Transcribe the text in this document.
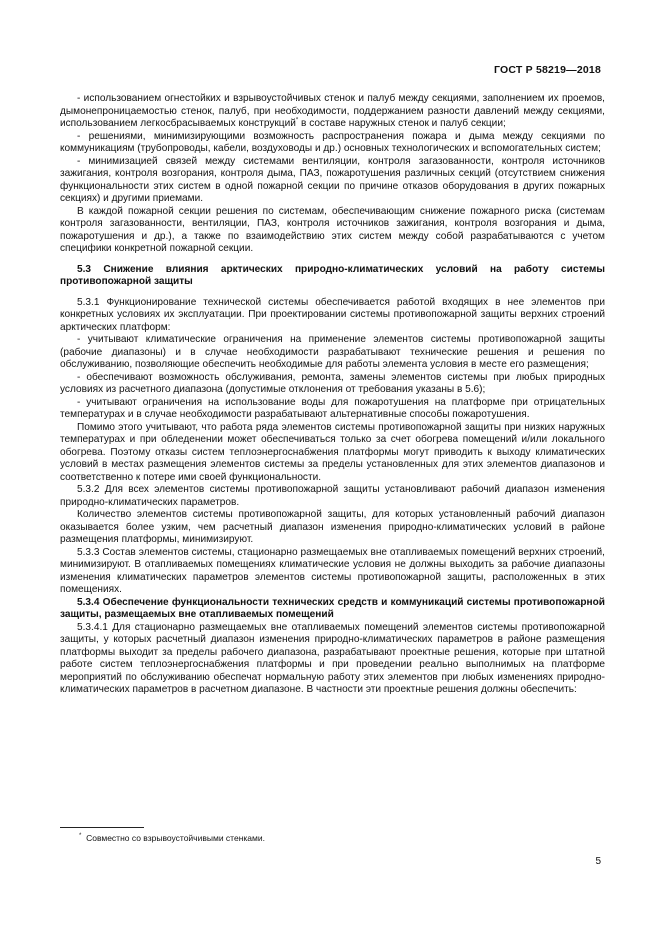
ГОСТ Р 58219—2018

- использованием огнестойких и взрывоустойчивых стенок и палуб между секциями, заполнением их проемов, дымонепроницаемостью стенок, палуб, при необходимости, поддержанием разности давлений между секциями, использованием легкосбрасываемых конструкций* в составе наружных стенок и палуб секции;

- решениями, минимизирующими возможность распространения пожара и дыма между секциями по коммуникациям (трубопроводы, кабели, воздуховоды и др.) основных технологических и вспомогательных систем;

- минимизацией связей между системами вентиляции, контроля загазованности, контроля источников зажигания, контроля возгорания, контроля дыма, ПАЗ, пожаротушения различных секций (отсутствием снижения функциональности этих систем в одной пожарной секции по причине отказов оборудования в других пожарных секциях) и другими приемами.

В каждой пожарной секции решения по системам, обеспечивающим снижение пожарного риска (системам контроля загазованности, вентиляции, ПАЗ, контроля источников зажигания, контроля возгорания и дыма, пожаротушения и др.), а также по взаимодействию этих систем между собой разрабатываются с учетом специфики конкретной пожарной секции.

5.3 Снижение влияния арктических природно-климатических условий на работу системы противопожарной защиты

5.3.1 Функционирование технической системы обеспечивается работой входящих в нее элементов при конкретных условиях их эксплуатации. При проектировании системы противопожарной защиты верхних строений арктических платформ:

- учитывают климатические ограничения на применение элементов системы противопожарной защиты (рабочие диапазоны) и в случае необходимости разрабатывают технические решения и решения по обслуживанию, позволяющие обеспечить необходимые для работы элемента условия в месте его размещения;

- обеспечивают возможность обслуживания, ремонта, замены элементов системы при любых природных условиях из расчетного диапазона (допустимые отклонения от требования указаны в 5.6);

- учитывают ограничения на использование воды для пожаротушения на платформе при отрицательных температурах и в случае необходимости разрабатывают альтернативные способы пожаротушения.

Помимо этого учитывают, что работа ряда элементов системы противопожарной защиты при низких наружных температурах и при обледенении может обеспечиваться только за счет обогрева помещений и/или локального обогрева. Поэтому отказы систем теплоэнергоснабжения платформы могут приводить к выходу климатических условий в местах размещения элементов системы за пределы установленных для этих элементов диапазонов и соответственно к потере ими своей функциональности.

5.3.2 Для всех элементов системы противопожарной защиты установливают рабочий диапазон изменения природно-климатических параметров.

Количество элементов системы противопожарной защиты, для которых установленный рабочий диапазон оказывается более узким, чем расчетный диапазон изменения природно-климатических условий в районе размещения платформы, минимизируют.

5.3.3 Состав элементов системы, стационарно размещаемых вне отапливаемых помещений верхних строений, минимизируют. В отапливаемых помещениях климатические условия не должны выходить за рабочие диапазоны изменения климатических параметров элементов системы противопожарной защиты, расположенных в этих помещениях.

5.3.4 Обеспечение функциональности технических средств и коммуникаций системы противопожарной защиты, размещаемых вне отапливаемых помещений

5.3.4.1 Для стационарно размещаемых вне отапливаемых помещений элементов системы противопожарной защиты, у которых расчетный диапазон изменения природно-климатических параметров в районе размещения платформы выходит за пределы рабочего диапазона, разрабатывают проектные решения, которые при штатной работе систем теплоэнергоснабжения платформы и при проведении реально выполнимых на платформе мероприятий по обслуживанию обеспечат нормальную работу этих элементов при любых изменениях природно-климатических параметров в расчетном диапазоне. В частности эти проектные решения должны обеспечить:

* Совместно со взрывоустойчивыми стенками.
5
